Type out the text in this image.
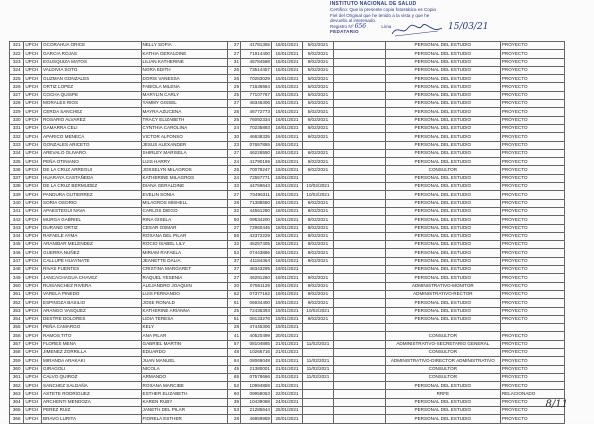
INSTITUTO NACIONAL DE SALUD
Certifico: Que la presente copia fotostática es Copia
Fiel del Original que he tenido a la vista y que he
devuelto al interesado.
Registro Nº 656	Lima
FEDATARIO	15/03/21
321	UPCH	OCORAHUA ORICE	NELLY SOFIA	27	41781355	15/01/2021	5/02/2021		PERSONAL DEL ESTUDIO	PROYECTO
322	UPCH	GARCIA ROJAS	KATHIA GERALDINE	27	71914400	15/01/2021	5/02/2021		PERSONAL DEL ESTUDIO	PROYECTO
323	UPCH	EGUSQUIZA MATOS	LILIAN KATHERINE	31	45784588	15/01/2021	9/02/2021		PERSONAL DEL ESTUDIO	PROYECTO
324	UPCH	VALDIVIA SOTO	NORA EDITH	26	73514457	15/01/2021	5/02/2021		PERSONAL DEL ESTUDIO	PROYECTO
325	UPCH	GUZMAN GONZALES	DORIS VANESSA	26	70283029	15/01/2021	5/02/2021		PERSONAL DEL ESTUDIO	PROYECTO
326	UPCH	ORTIZ LOPEZ	FABIOLA MILENA	29	71636684	15/01/2021	5/02/2021		PERSONAL DEL ESTUDIO	PROYECTO
327	UPCH	COCHA QUISPE	MARYLIN CARLY	25	77107767	15/01/2021	5/02/2021		PERSONAL DEL ESTUDIO	PROYECTO
328	UPCH	MORALES RIOS	YAMMY GISSEL	27	48346306	15/01/2021	5/02/2021		PERSONAL DEL ESTUDIO	PROYECTO
329	UPCH	CERDA SANCHEZ	MAYRA AZUCENA	28	46772773	15/01/2021	5/02/2021		PERSONAL DEL ESTUDIO	PROYECTO
330	UPCH	ROSARIO ALVAREZ	TRACY ELIZABETH	25	76092334	16/01/2021	6/02/2021		PERSONAL DEL ESTUDIO	PROYECTO
331	UPCH	GAMARRA CELI	CYNTHIA CAROLINA	24	70235893	16/01/2021	6/02/2021		PERSONAL DEL ESTUDIO	PROYECTO
332	UPCH	APARICO MENECA	VICTOR ALFONSO	30	46638335	16/01/2021	6/02/2021		PERSONAL DEL ESTUDIO	PROYECTO
333	UPCH	GONZALES ARICETO	JESUS ALEXANDER	23	07657855	16/01/2021			PERSONAL DEL ESTUDIO	PROYECTO
334	UPCH	AREVALO OLIVARO	SHIRLEY MARISELA	27	46226550	16/01/2021	6/02/2021		PERSONAL DEL ESTUDIO	PROYECTO
335	UPCH	PEÑA OTINIANO	LUIS HARRY	24	41790169	16/01/2021	6/02/2021		PERSONAL DEL ESTUDIO	PROYECTO
336	UPCH	DE LA CRUZ ARREGUI	JOSSELYN MILAGROS	26	70078247	16/01/2021	6/02/2021		CONSULTOR	PROYECTO
337	UPCH	HUARAYA CASTAÑEDA	KATHERINE MILAGROS	24	72557771	16/01/2021			PERSONAL DEL ESTUDIO	PROYECTO
338	UPCH	DE LA CRUZ BERMUDEZ	DIANA GERALDINE	33	44759643	16/01/2021	10/02/2021		PERSONAL DEL ESTUDIO	PROYECTO
339	UPCH	PANDURA GUTIERREZ	EVELIN SONIA	27	70496311	16/01/2021	10/02/2021		PERSONAL DEL ESTUDIO	PROYECTO
340	UPCH	SORIA OSORIO	MILAGROS MISHELL	28	71388650	16/01/2021	6/02/2021		PERSONAL DEL ESTUDIO	PROYECTO
341	UPCH	APAESTEGUI NAVA	CARLOS DIEGO	32	44561280	18/01/2021	8/02/2021		PERSONAL DEL ESTUDIO	PROYECTO
342	UPCH	MURGA GABRIEL	RINA GISELA	50	09534200	18/01/2021	8/02/2021		PERSONAL DEL ESTUDIO	PROYECTO
343	UPCH	DURAND ORTIZ	CESAR OSMAR	27	72960445	18/01/2021	8/02/2021		PERSONAL DEL ESTUDIO	PROYECTO
344	UPCH	RAFAELE AYMA	ROXANA DEL PILAR	56	42372229	18/01/2021	8/02/2021		PERSONAL DEL ESTUDIO	PROYECTO
345	UPCH	ARANIBAR MELENDEZ	ROCIO ISABEL LILY	32	45257405	18/01/2021	8/02/2021		PERSONAL DEL ESTUDIO	PROYECTO
346	UPCH	GUERRA NUÑEZ	MIRIAM RAFAELA	52	07443886	18/01/2021	8/02/2021		PERSONAL DEL ESTUDIO	PROYECTO
347	UPCH	CALLUPE HUAYNATE	JEANETTE DALIA	37	41184364	18/01/2021	8/02/2021		PERSONAL DEL ESTUDIO	PROYECTO
348	UPCH	RIVAS FUENTES	CRISTINA MARGARET	27	48343295	19/01/2021			PERSONAL DEL ESTUDIO	PROYECTO
349	UPCH	JANCACHAGUA CHAVEZ	RAQUEL YESENIA	27	46291260	19/01/2021	9/02/2021		PERSONAL DEL ESTUDIO	PROYECTO
350	UPCH	RUISANCHEZ RIVERA	ALEJANDRO JOAQUIN	20	07551129	19/01/2021	9/02/2021		ADMINISTRATIVO-MONITOR	PROYECTO
351	UPCH	VARELA PINEDO	LUIS FERNANDO	62	07377162	19/01/2021	9/02/2021		ADMINISTRATIVO-RECTOR	PROYECTO
352	UPCH	ESPINOZA BASILIO	JOSE RONALD	61	06934400	19/01/2021	9/02/2021		PERSONAL DEL ESTUDIO	PROYECTO
353	UPCH	ARANGO VASQUEZ	KATHERINE ARIANNA	25	72436393	19/01/2021	10/02/2021		PERSONAL DEL ESTUDIO	PROYECTO
354	UPCH	DEXTRE DOLORES	LIDIA TERESA	51	08133276	19/01/2021	9/02/2021		PERSONAL DEL ESTUDIO	PROYECTO
355	UPCH	PEÑA CAMARGO	KELY	28	47445306	19/01/2021				
356	UPCH	RAMOS TITO	ANA PILAR	41	40520499	20/01/2021			CONSULTOR	PROYECTO
357	UPCH	FLORES MENA	GABRIEL MARTIN	57	08104885	21/01/2021	11/02/2021		ADMINISTRATIVO-SECRETARIO GENERAL	PROYECTO
358	UPCH	JIMENEZ ZORRILLA	EDUARDO	48	10266716	21/01/2021			CONSULTOR	PROYECTO
359	UPCH	MIRANDA ARAKAKI	JUAN MANUEL	64	08069048	21/01/2021	11/02/2021		ADMINISTRATIVO-DIRECTOR ADMINISTRATIVO	PROYECTO
360	UPCH	GIRAGOLI	NICOLA	45	21380001	21/01/2021	11/02/2021		CONSULTOR	PROYECTO
361	UPCH	CALVO QUIROZ	ARMANDO	65	07578666	21/01/2021	11/02/2021		CONSULTOR	PROYECTO
362	UPCH	SANCHEZ SALDAÑA	ROXANA MARCIBE	52	10994859	21/01/2021			PERSONAL DEL ESTUDIO	PROYECTO
363	UPCH	ASTETE RODRIGUEZ	ESTHER ELIZABETH	60	09958053	22/01/2021			RRFE	RELACIONADO
364	UPCH	ARCHENTI MENDOZA	KAREN RUBY	39	10439088	24/01/2021			PERSONAL DEL ESTUDIO	PROYECTO
365	UPCH	PEREZ RUIZ	JANETH DEL PILAR	53	21285644	25/01/2021			PERSONAL DEL ESTUDIO	PROYECTO
366	UPCH	BRAVO LURITA	FIORELA ESTHER	28	46859959	25/01/2021			PERSONAL DEL ESTUDIO	PROYECTO
8/11
